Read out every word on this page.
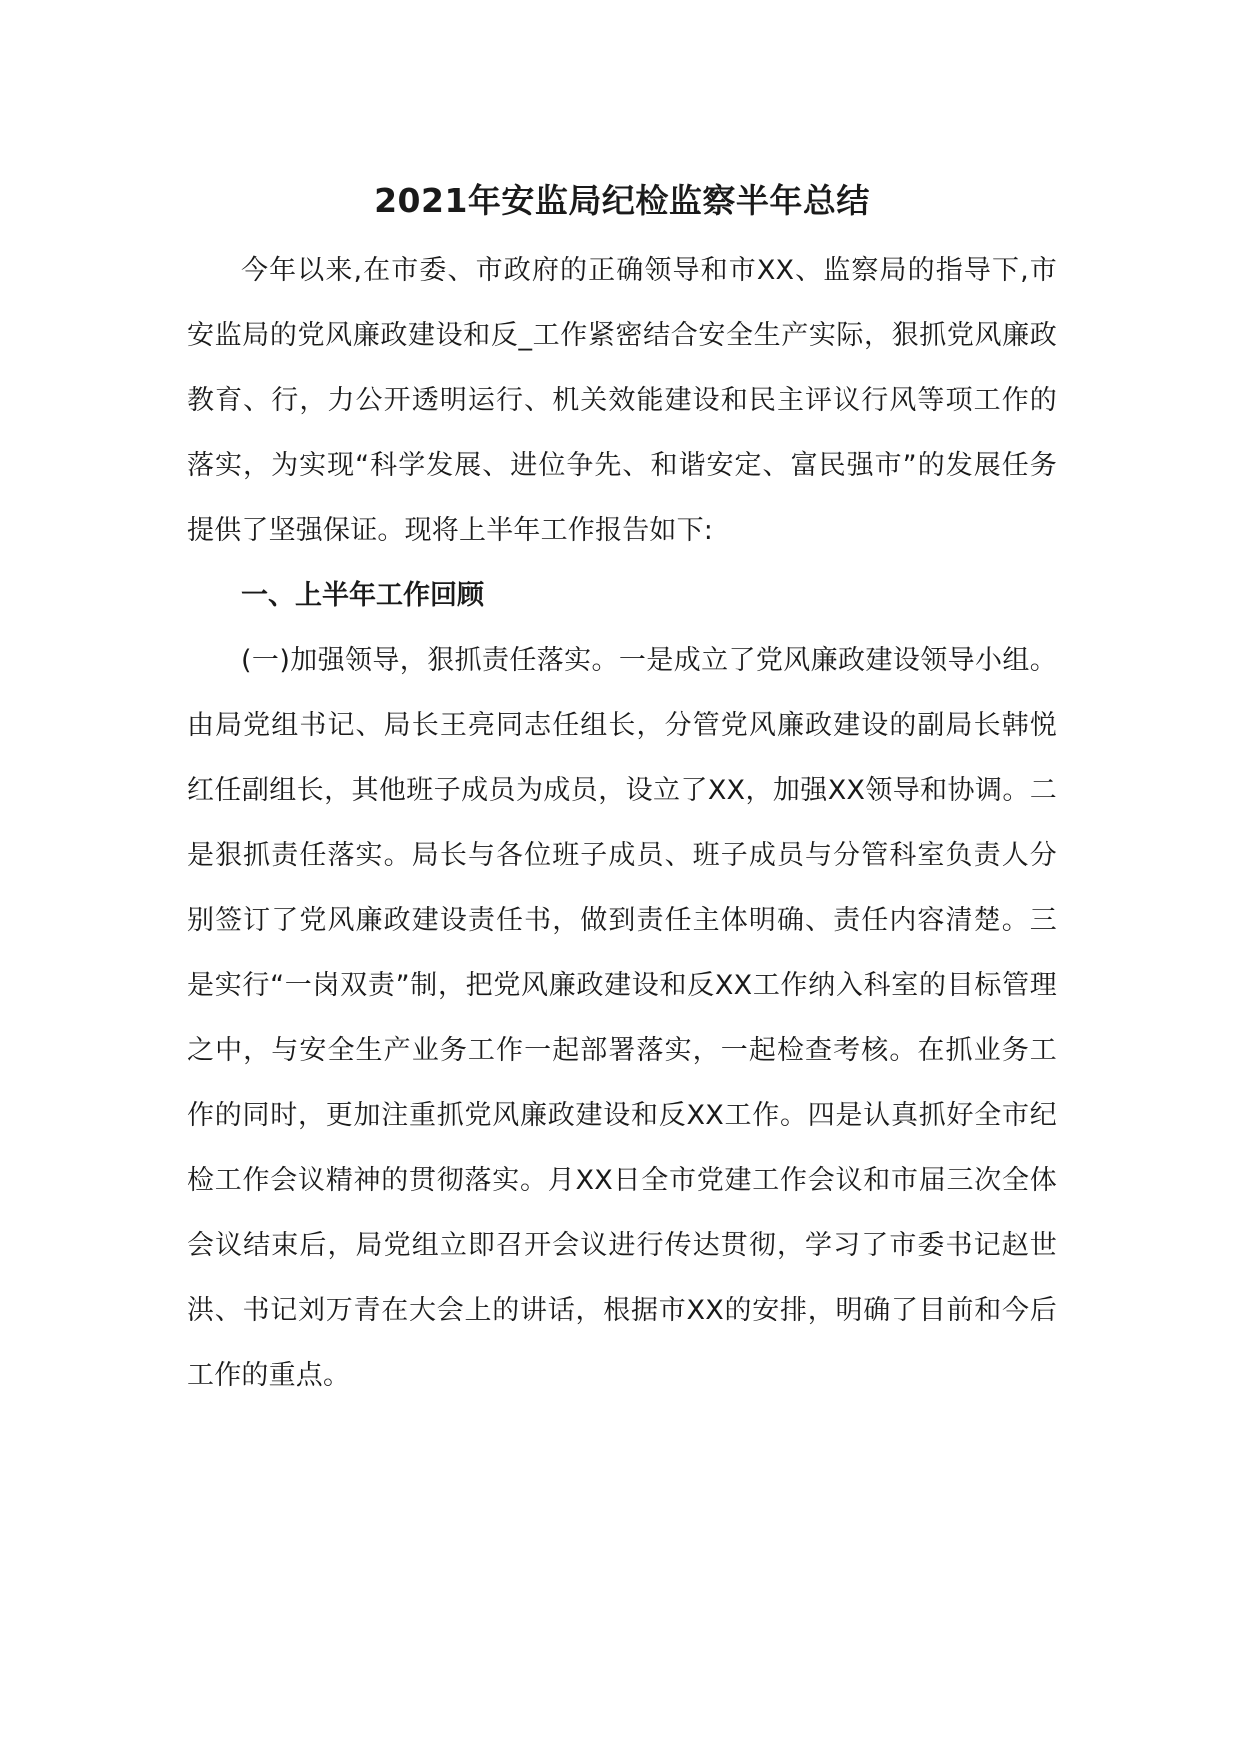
2021年安监局纪检监察半年总结

今年以来,在市委、市政府的正确领导和市XX、监察局的指导下,市安监局的党风廉政建设和反_工作紧密结合安全生产实际，狠抓党风廉政教育、行，力公开透明运行、机关效能建设和民主评议行风等项工作的落实，为实现“科学发展、进位争先、和谐安定、富民强市”的发展任务提供了坚强保证。现将上半年工作报告如下:

一、上半年工作回顾

(一)加强领导，狠抓责任落实。一是成立了党风廉政建设领导小组。由局党组书记、局长王亮同志任组长，分管党风廉政建设的副局长韩悦红任副组长，其他班子成员为成员，设立了XX，加强XX领导和协调。二是狠抓责任落实。局长与各位班子成员、班子成员与分管科室负责人分别签订了党风廉政建设责任书，做到责任主体明确、责任内容清楚。三是实行“一岗双责”制，把党风廉政建设和反XX工作纳入科室的目标管理之中，与安全生产业务工作一起部署落实，一起检查考核。在抓业务工作的同时，更加注重抓党风廉政建设和反XX工作。四是认真抓好全市纪检工作会议精神的贯彻落实。月XX日全市党建工作会议和市届三次全体会议结束后，局党组立即召开会议进行传达贯彻，学习了市委书记赵世洪、书记刘万青在大会上的讲话，根据市XX的安排，明确了目前和今后工作的重点。
